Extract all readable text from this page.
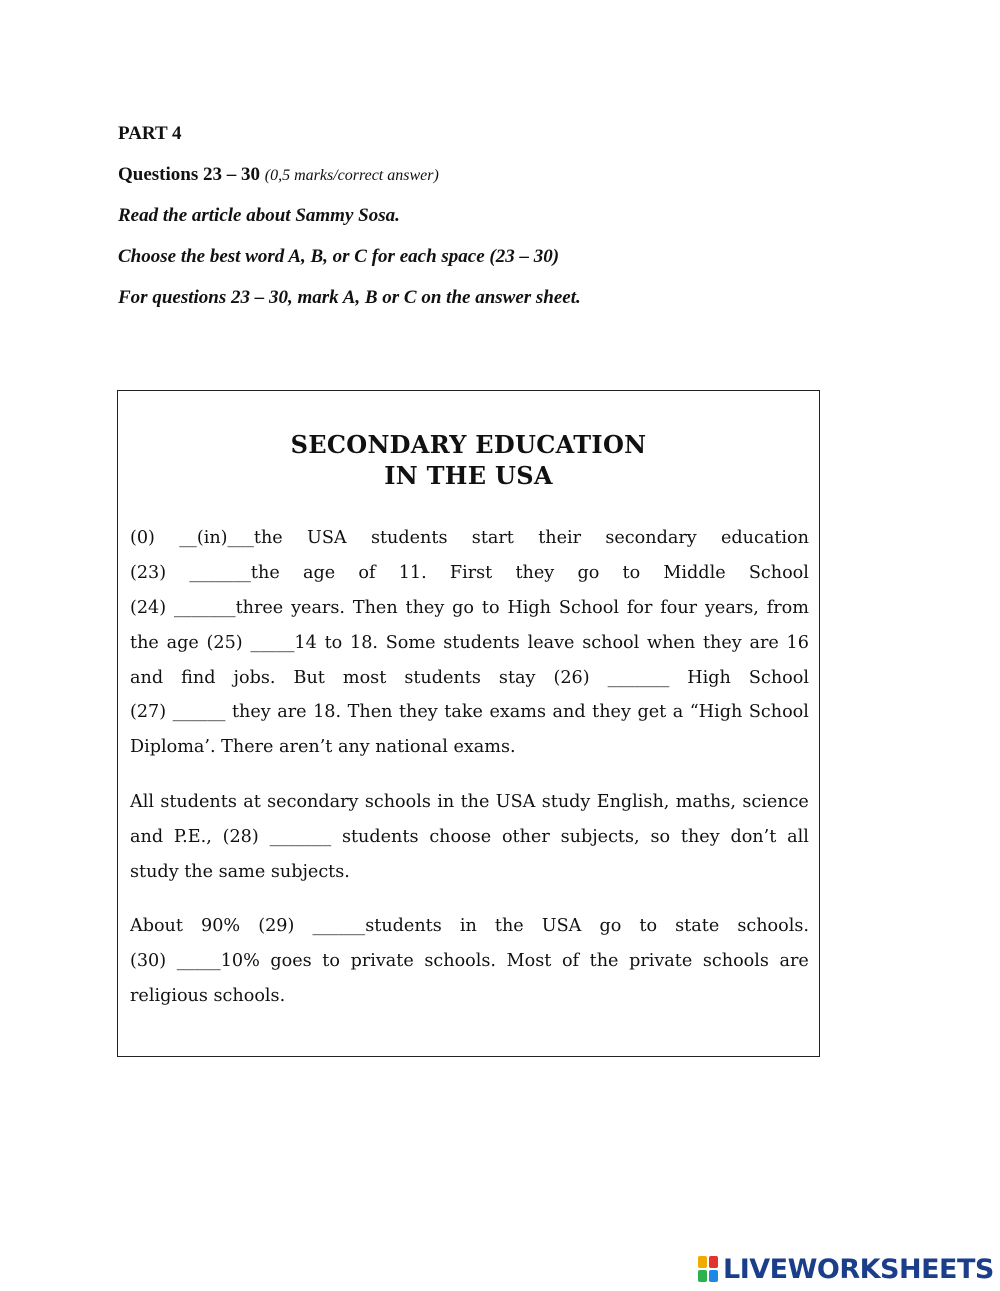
PART 4
Questions 23 – 30 (0,5 marks/correct answer)
Read the article about Sammy Sosa.
Choose the best word A, B, or C for each space (23 – 30)
For questions 23 – 30, mark A, B or C on the answer sheet.
SECONDARY EDUCATION
IN THE USA
(0) __(in)___the USA students start their secondary education
(23) _______the age of 11. First they go to Middle School
(24) _______three years. Then they go to High School for four years, from
the age (25) _____14 to 18. Some students leave school when they are 16
and find jobs. But most students stay (26) _______ High School
(27) ______ they are 18. Then they take exams and they get a “High School
Diploma’. There aren’t any national exams.
All students at secondary schools in the USA study English, maths, science
and P.E., (28) _______ students choose other subjects, so they don’t all
study the same subjects.
About 90% (29) ______students in the USA go to state schools.
(30) _____10% goes to private schools. Most of the private schools are
religious schools.
LIVEWORKSHEETS
